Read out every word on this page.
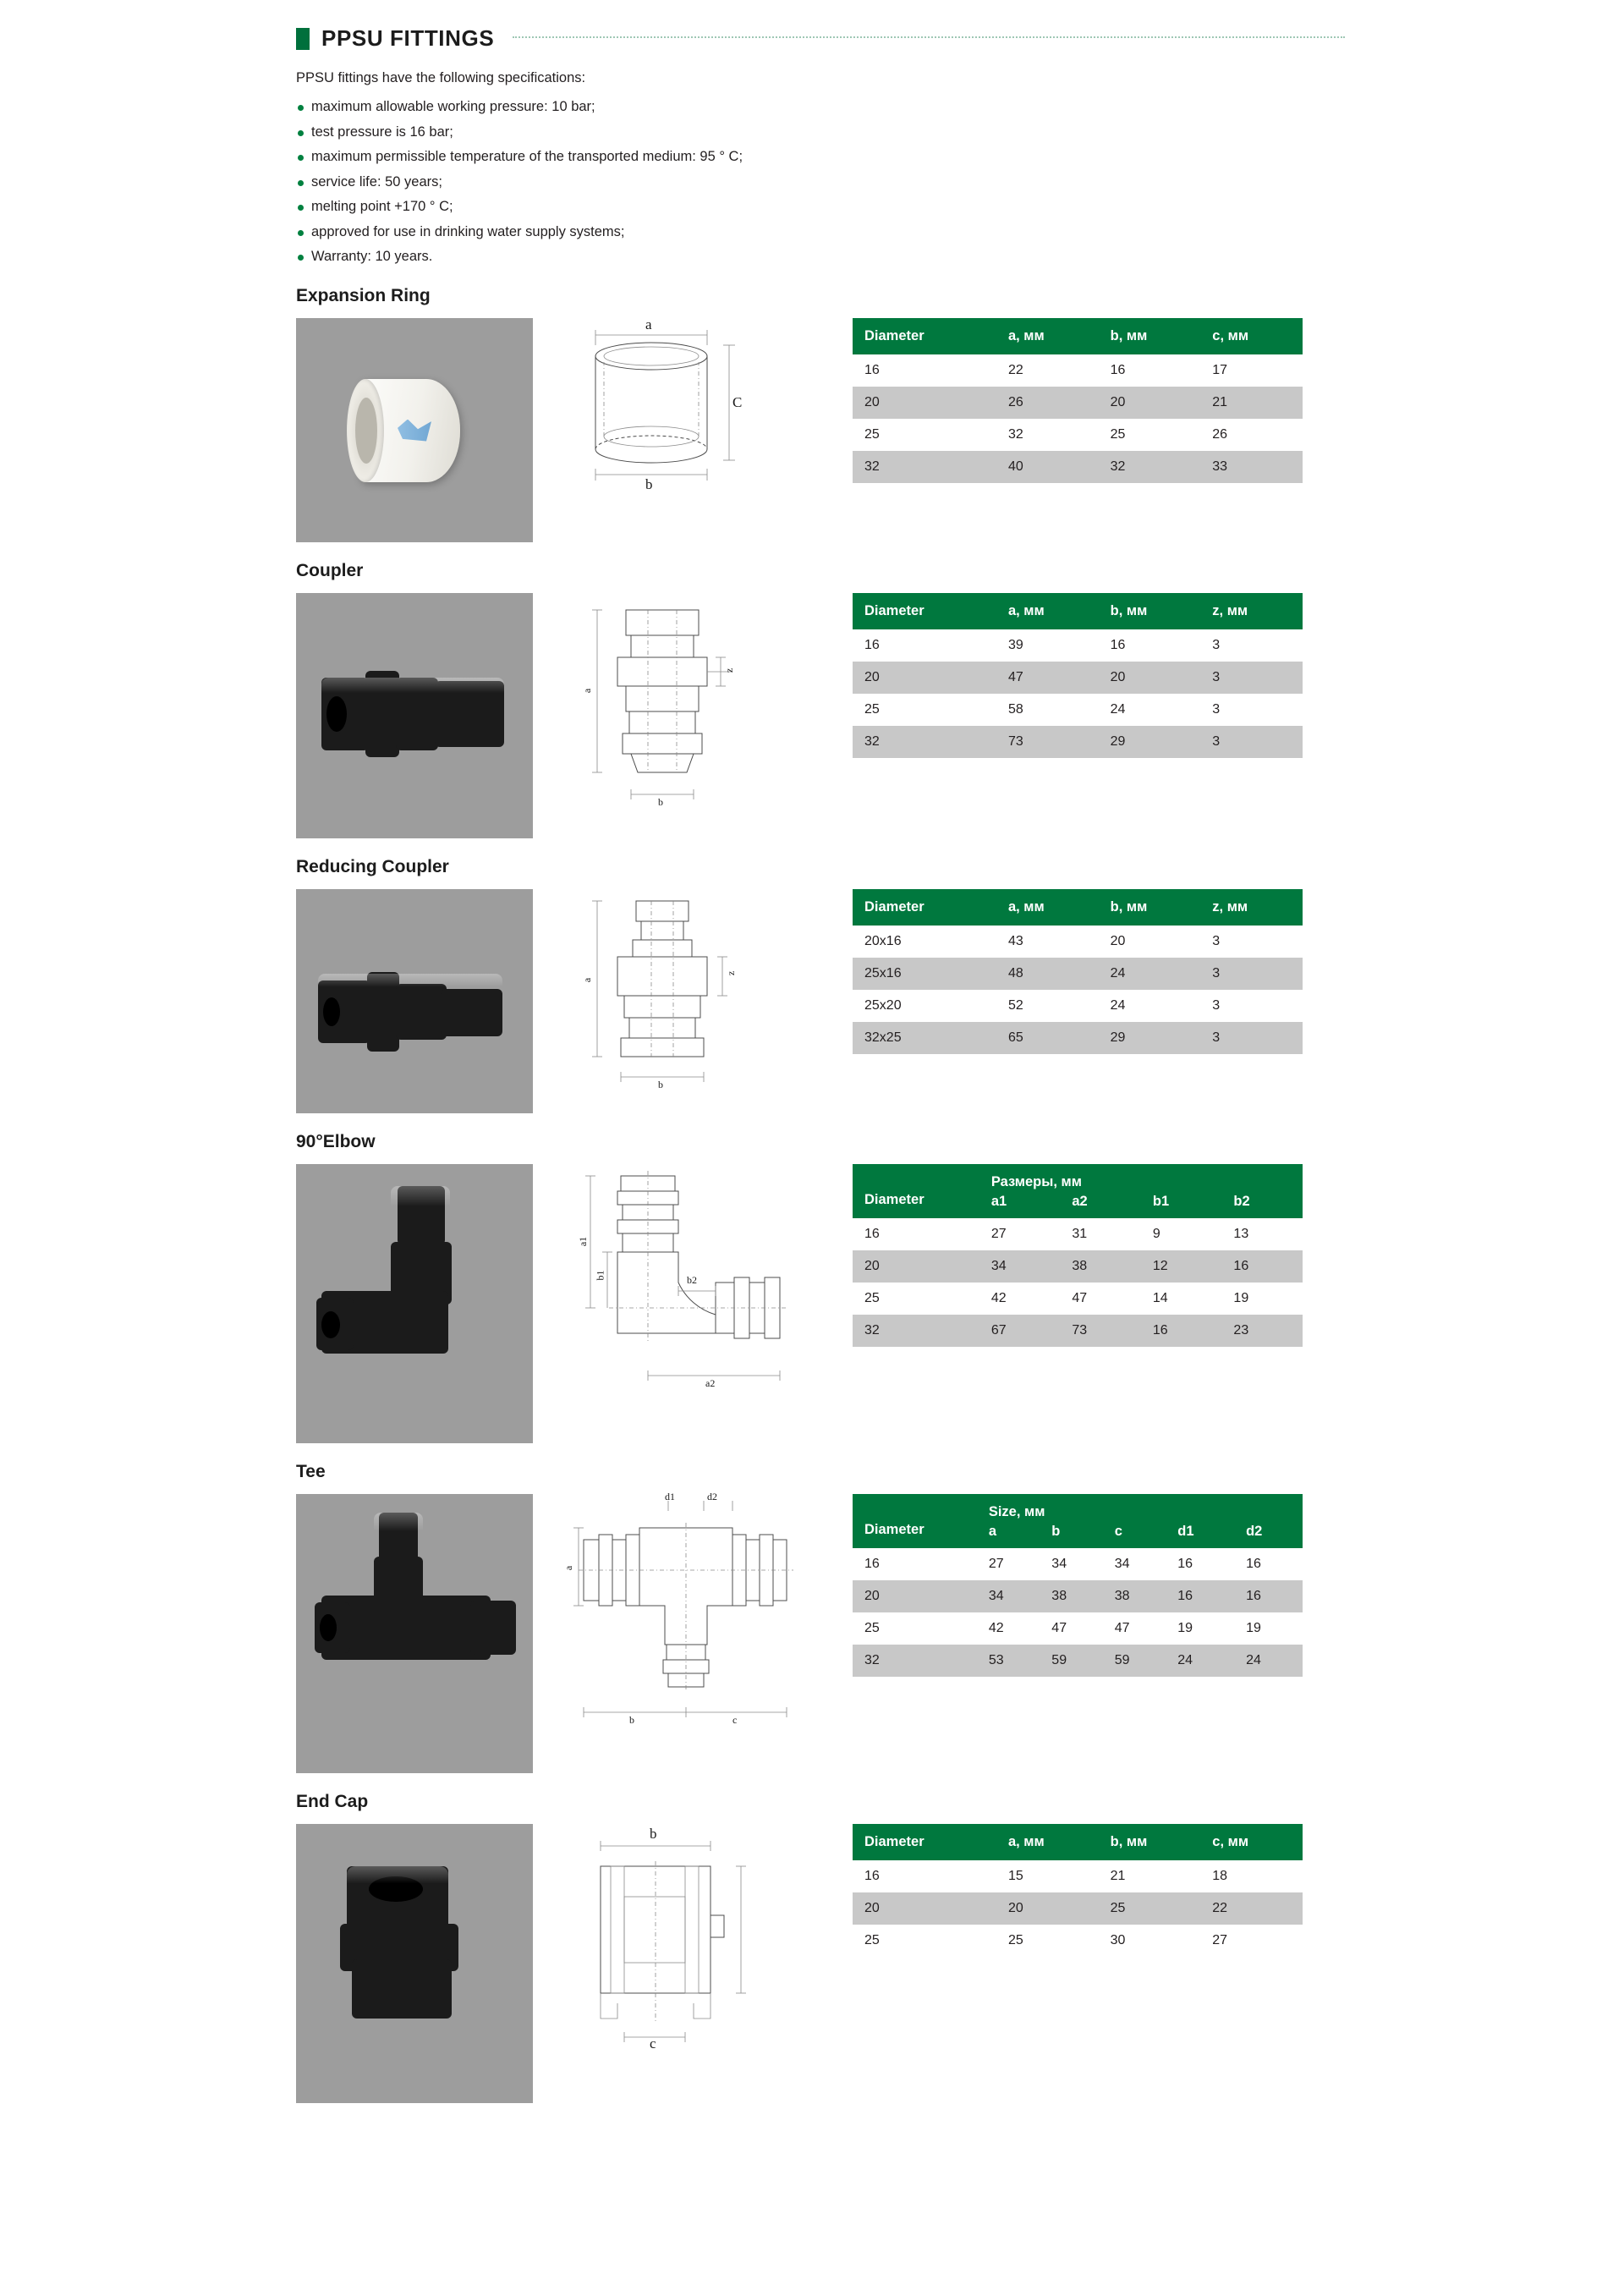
PPSU FITTINGS

PPSU fittings have the following specifications:

maximum allowable working pressure: 10 bar;
test pressure is 16 bar;
maximum permissible temperature of the transported medium: 95 ° C;
service life: 50 years;
melting point +170 ° C;
approved for use in drinking water supply systems;
Warranty: 10 years.
Expansion Ring
a
b
C
Diameter	a, мм	b, мм	c, мм
16	22	16	17
20	26	20	21
25	32	25	26
32	40	32	33
Coupler
a
z
b
Diameter	a, мм	b, мм	z, мм
16	39	16	3
20	47	20	3
25	58	24	3
32	73	29	3
Reducing Coupler
a
z
b
Diameter	a, мм	b, мм	z, мм
20x16	43	20	3
25x16	48	24	3
25x20	52	24	3
32x25	65	29	3
90°Elbow
a1
b1	b2
a2
Diameter	Размеры, мм			
	a1	a2	b1	b2
16	27	31	9	13
20	34	38	12	16
25	42	47	14	19
32	67	73	16	23
Tee
d1	d2
a
b	c
Diameter	Size, мм				
	a	b	c	d1	d2
16	27	34	34	16	16
20	34	38	38	16	16
25	42	47	47	19	19
32	53	59	59	24	24
End Cap
b
c
Diameter	a, мм	b, мм	c, мм
16	15	21	18
20	20	25	22
25	25	30	27
